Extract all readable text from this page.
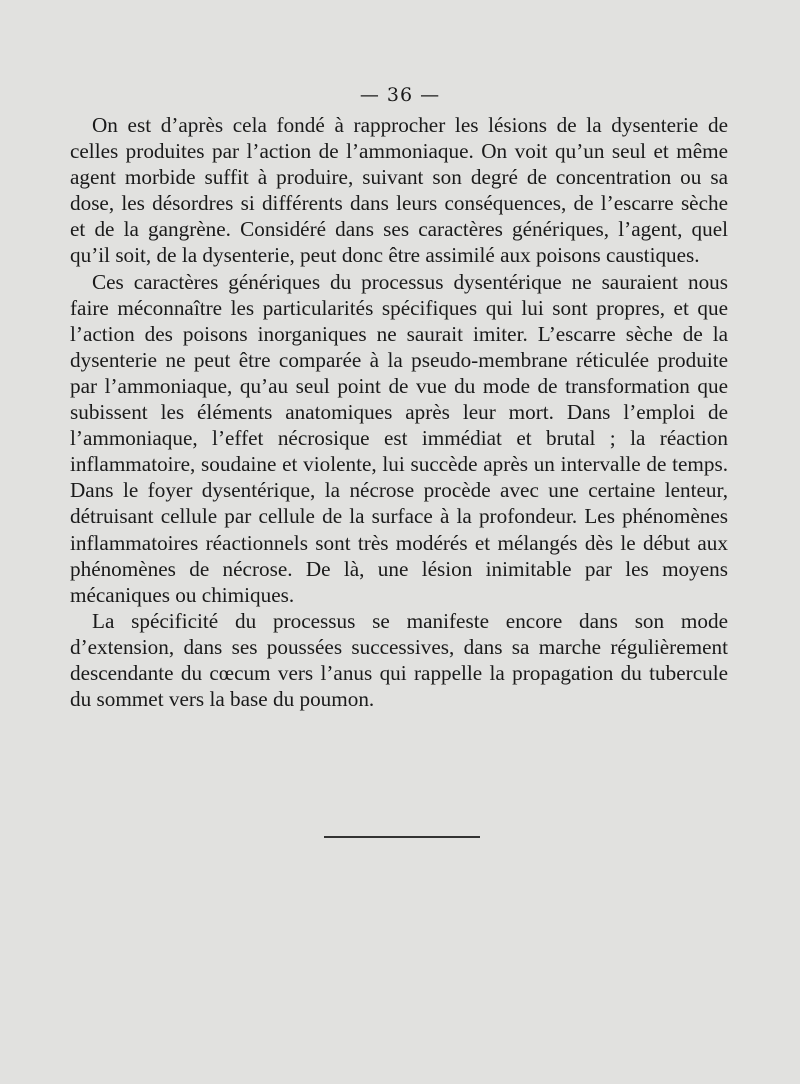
— 36 —

On est d’après cela fondé à rapprocher les lésions de la dysenterie de celles produites par l’action de l’ammoniaque. On voit qu’un seul et même agent morbide suffit à produire, suivant son degré de concentration ou sa dose, les désordres si différents dans leurs conséquences, de l’escarre sèche et de la gangrène. Considéré dans ses caractères génériques, l’agent, quel qu’il soit, de la dysenterie, peut donc être assimilé aux poisons caustiques.

Ces caractères génériques du processus dysentérique ne sauraient nous faire méconnaître les particularités spécifiques qui lui sont propres, et que l’action des poisons inorganiques ne saurait imiter. L’escarre sèche de la dysenterie ne peut être comparée à la pseudo-membrane réticulée produite par l’ammoniaque, qu’au seul point de vue du mode de transformation que subissent les éléments anatomiques après leur mort. Dans l’emploi de l’ammoniaque, l’effet nécrosique est immédiat et brutal ; la réaction inflammatoire, soudaine et violente, lui succède après un intervalle de temps. Dans le foyer dysentérique, la nécrose procède avec une certaine lenteur, détruisant cellule par cellule de la surface à la profondeur. Les phénomènes inflammatoires réactionnels sont très modérés et mélangés dès le début aux phénomènes de nécrose. De là, une lésion inimitable par les moyens mécaniques ou chimiques.

La spécificité du processus se manifeste encore dans son mode d’extension, dans ses poussées successives, dans sa marche régulièrement descendante du cœcum vers l’anus qui rappelle la propagation du tubercule du sommet vers la base du poumon.
